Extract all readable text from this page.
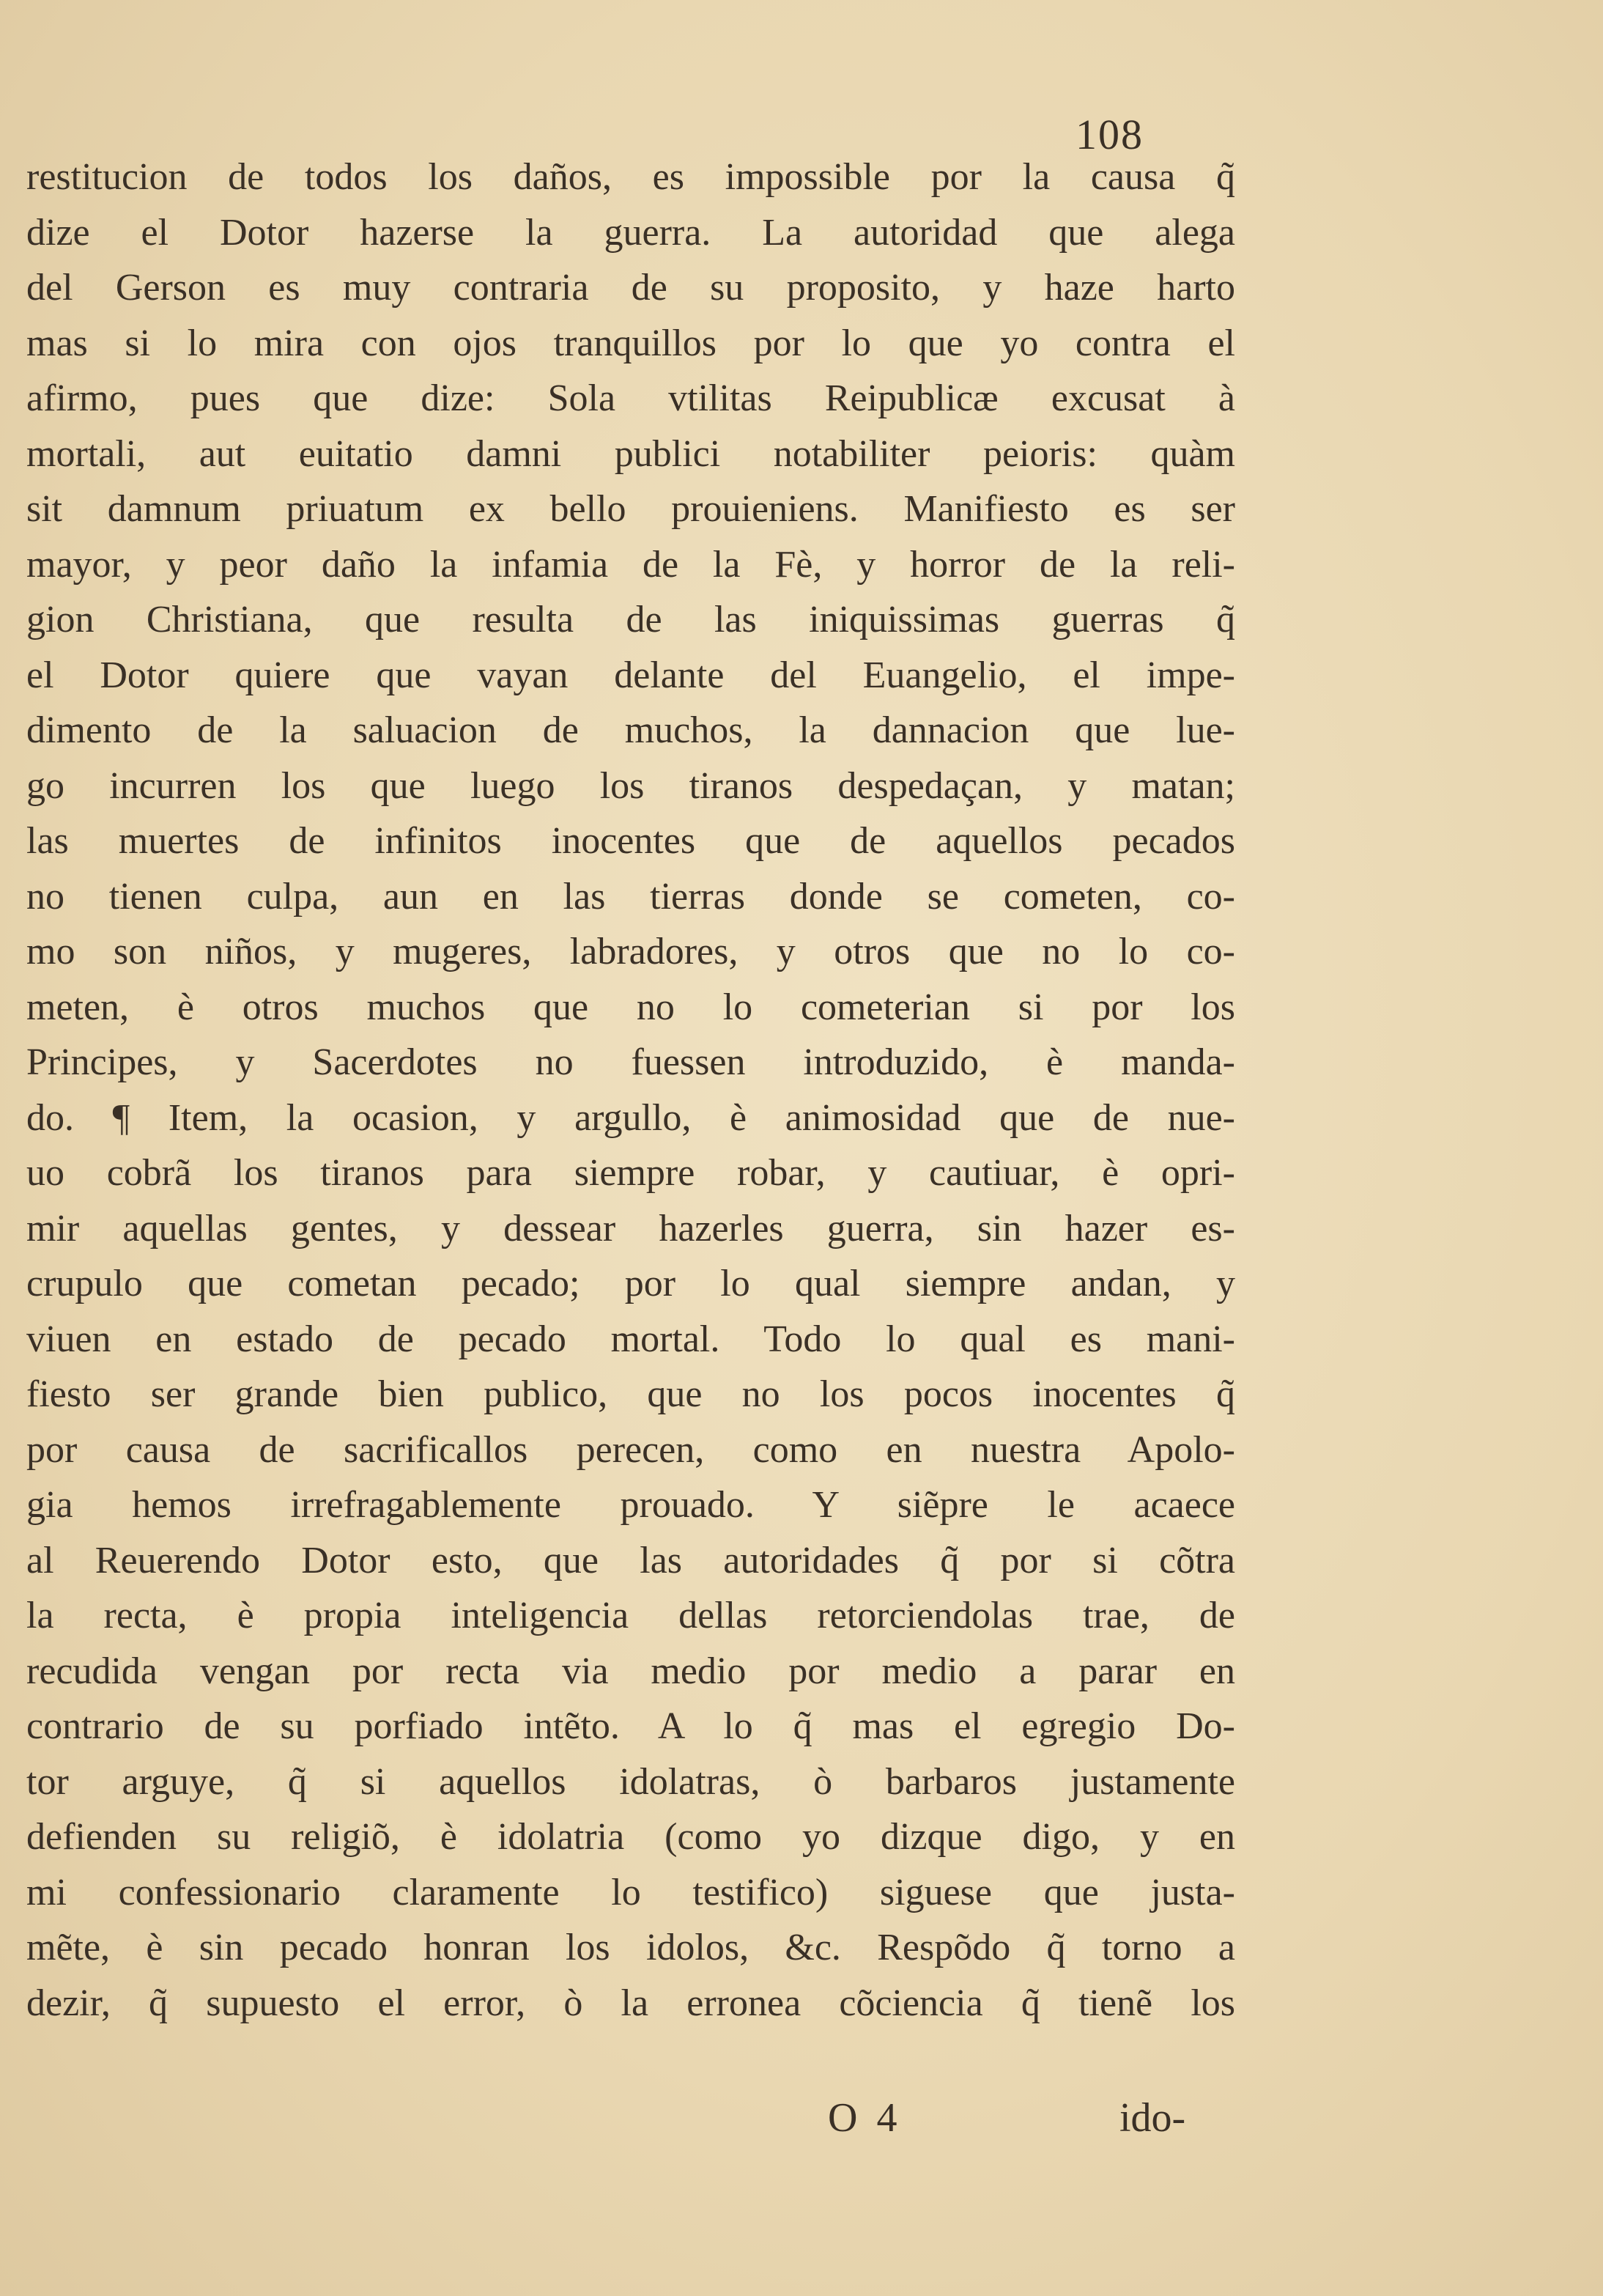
108
restitucion de todos los daños, es impossible por la causa q̃
dize el Dotor hazerse la guerra. La autoridad que alega
del Gerson es muy contraria de su proposito, y haze harto
mas si lo mira con ojos tranquillos por lo que yo contra el
afirmo, pues que dize: Sola vtilitas Reipublicæ excusat à
mortali, aut euitatio damni publici notabiliter peioris: quàm
sit damnum priuatum ex bello prouieniens. Manifiesto es ser
mayor, y peor daño la infamia de la Fè, y horror de la reli-
gion Christiana, que resulta de las iniquissimas guerras q̃
el Dotor quiere que vayan delante del Euangelio, el impe-
dimento de la saluacion de muchos, la dannacion que lue-
go incurren los que luego los tiranos despedaçan, y matan;
las muertes de infinitos inocentes que de aquellos pecados
no tienen culpa, aun en las tierras donde se cometen, co-
mo son niños, y mugeres, labradores, y otros que no lo co-
meten, è otros muchos que no lo cometerian si por los
Principes, y Sacerdotes no fuessen introduzido, è manda-
do. ¶ Item, la ocasion, y argullo, è animosidad que de nue-
uo cobrã los tiranos para siempre robar, y cautiuar, è opri-
mir aquellas gentes, y dessear hazerles guerra, sin hazer es-
crupulo que cometan pecado; por lo qual siempre andan, y
viuen en estado de pecado mortal. Todo lo qual es mani-
fiesto ser grande bien publico, que no los pocos inocentes q̃
por causa de sacrificallos perecen, como en nuestra Apolo-
gia hemos irrefragablemente prouado. Y siẽpre le acaece
al Reuerendo Dotor esto, que las autoridades q̃ por si cõtra
la recta, è propia inteligencia dellas retorciendolas trae, de
recudida vengan por recta via medio por medio a parar en
contrario de su porfiado intẽto. A lo q̃ mas el egregio Do-
tor arguye, q̃ si aquellos idolatras, ò barbaros justamente
defienden su religiõ, è idolatria (como yo dizque digo, y en
mi confessionario claramente lo testifico) siguese que justa-
mẽte, è sin pecado honran los idolos, &c. Respõdo q̃ torno a
dezir, q̃ supuesto el error, ò la erronea cõciencia q̃ tienẽ los
O 4	ido-
